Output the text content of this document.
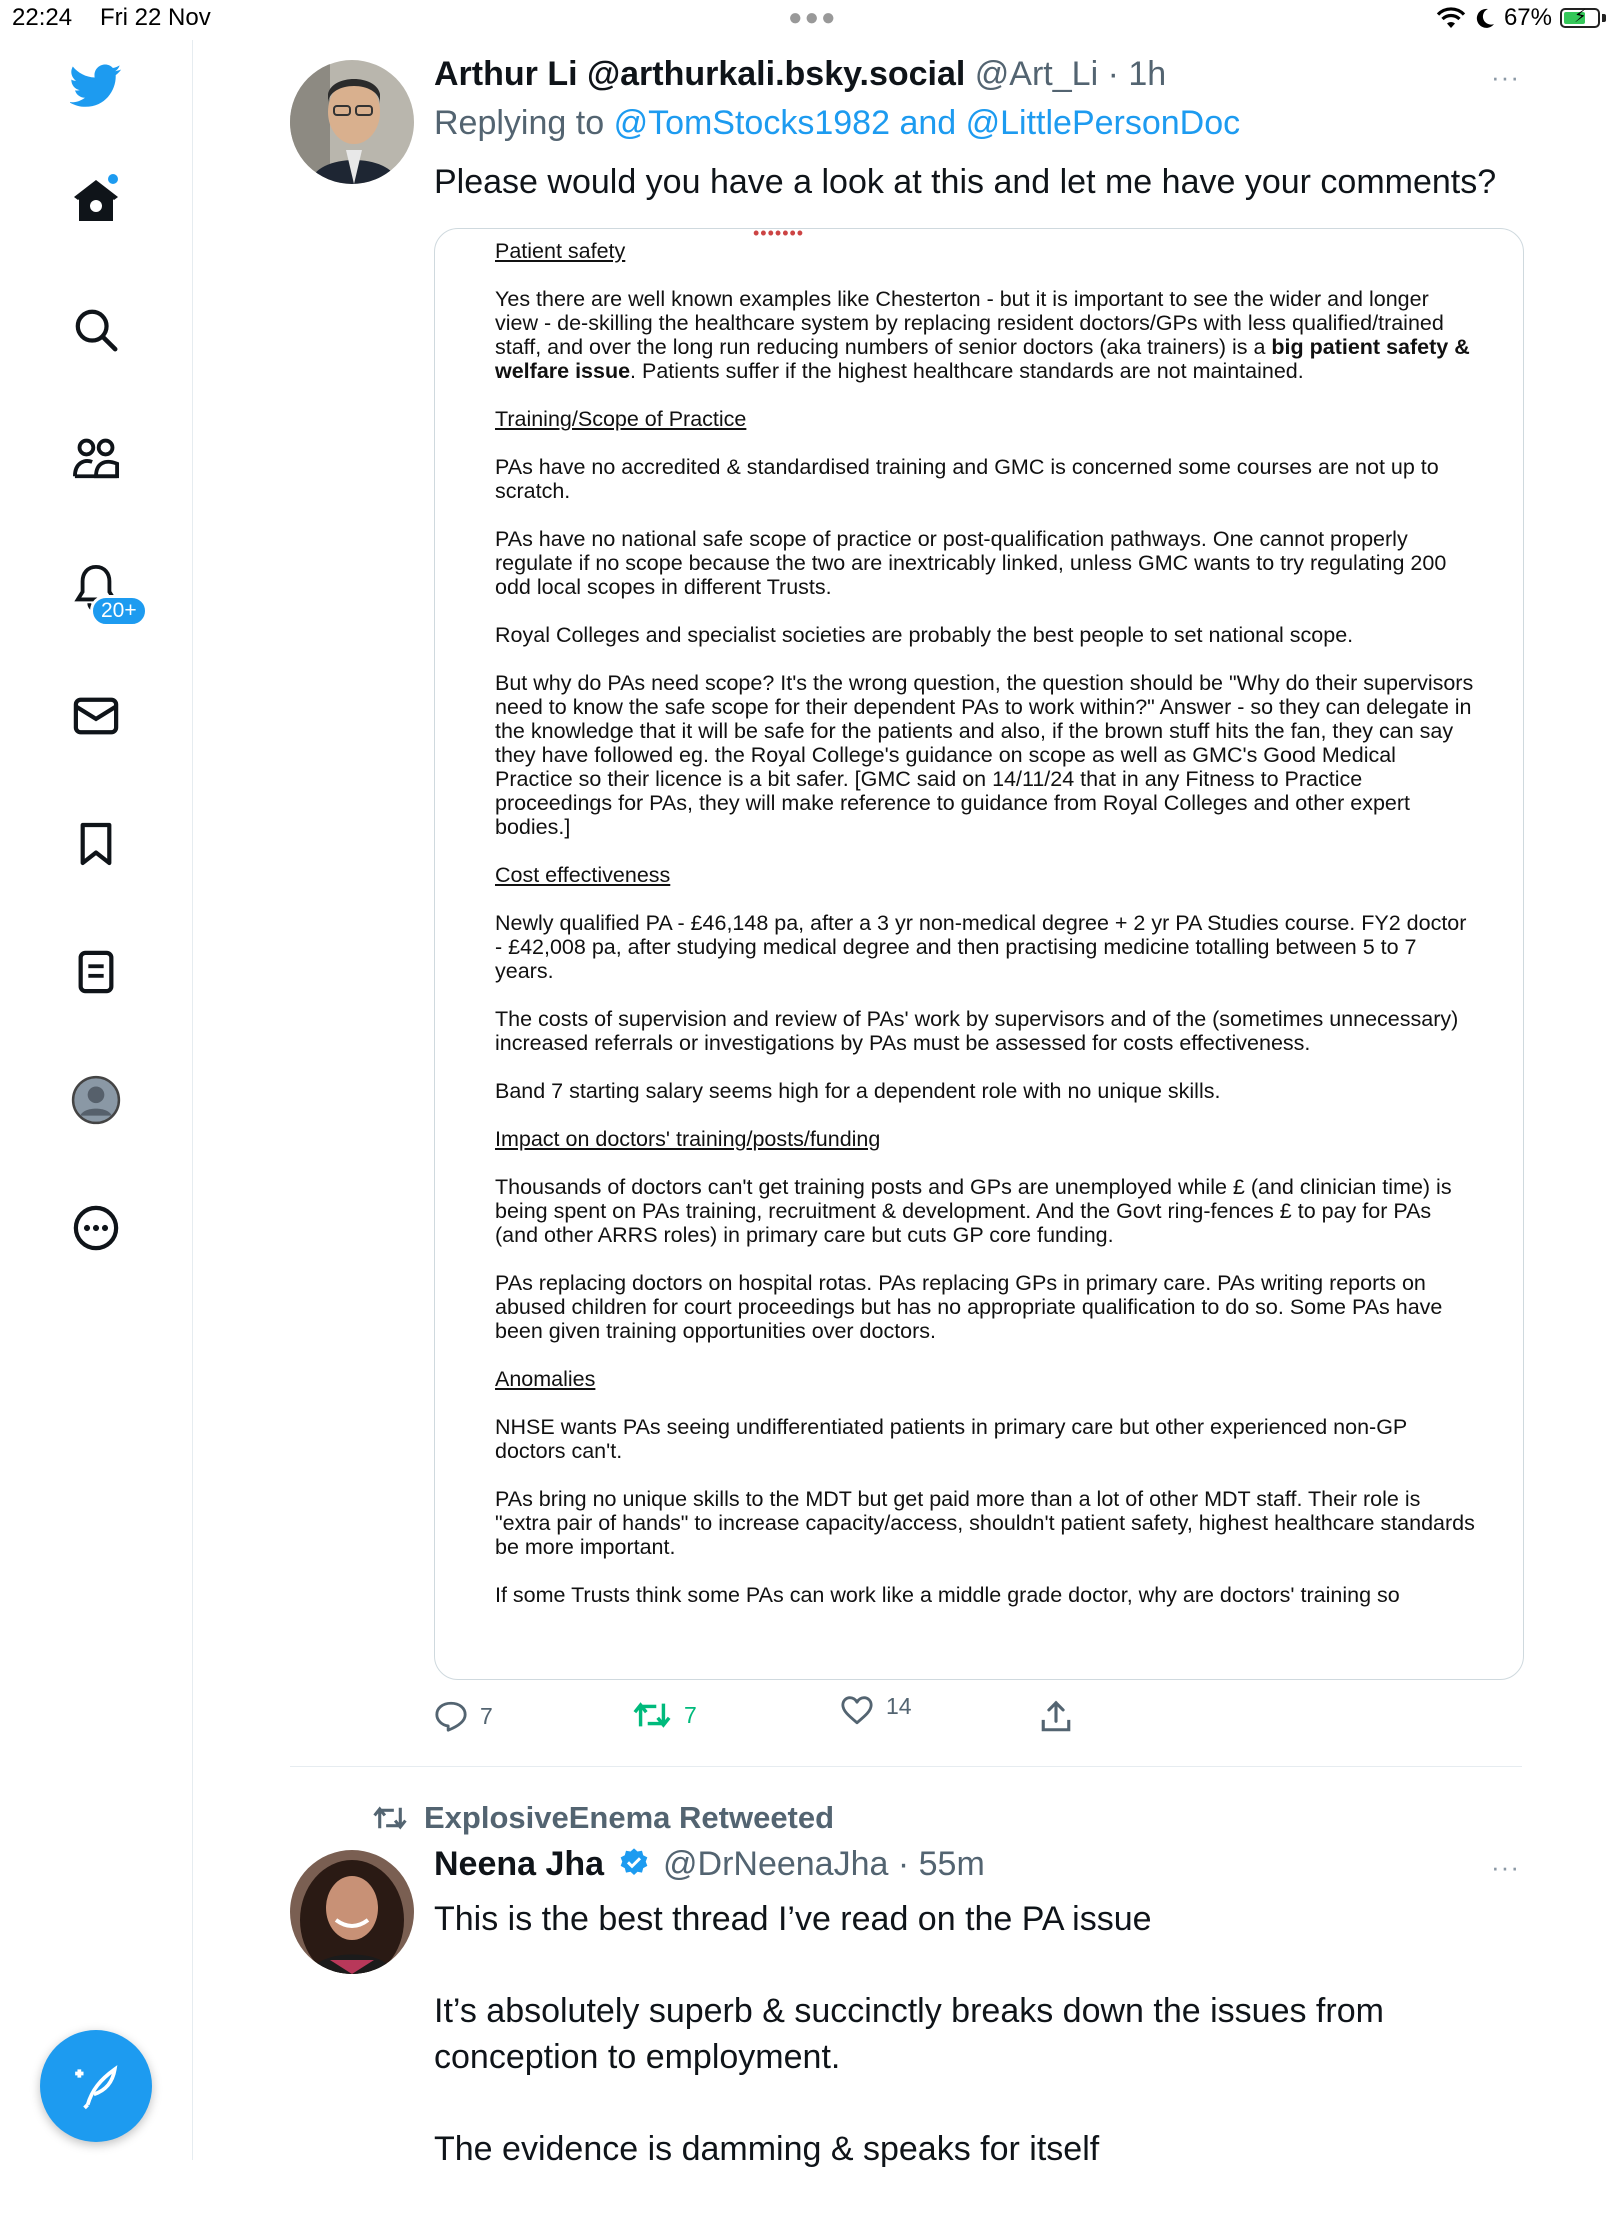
22:24 Fri 22 Nov	●●●	67% ⚡
20+
Arthur Li @arthurkali.bsky.social @Art_Li · 1h	···
Replying to @TomStocks1982 and @LittlePersonDoc
Please would you have a look at this and let me have your comments?
•••••••

Patient safety

Yes there are well known examples like Chesterton - but it is important to see the wider and longer view - de-skilling the healthcare system by replacing resident doctors/GPs with less qualified/trained staff, and over the long run reducing numbers of senior doctors (aka trainers) is a big patient safety & welfare issue. Patients suffer if the highest healthcare standards are not maintained.

Training/Scope of Practice

PAs have no accredited & standardised training and GMC is concerned some courses are not up to scratch.

PAs have no national safe scope of practice or post-qualification pathways. One cannot properly regulate if no scope because the two are inextricably linked, unless GMC wants to try regulating 200 odd local scopes in different Trusts.

Royal Colleges and specialist societies are probably the best people to set national scope.

But why do PAs need scope? It's the wrong question, the question should be "Why do their supervisors need to know the safe scope for their dependent PAs to work within?" Answer - so they can delegate in the knowledge that it will be safe for the patients and also, if the brown stuff hits the fan, they can say they have followed eg. the Royal College's guidance on scope as well as GMC's Good Medical Practice so their licence is a bit safer. [GMC said on 14/11/24 that in any Fitness to Practice proceedings for PAs, they will make reference to guidance from Royal Colleges and other expert bodies.]

Cost effectiveness

Newly qualified PA - £46,148 pa, after a 3 yr non-medical degree + 2 yr PA Studies course. FY2 doctor - £42,008 pa, after studying medical degree and then practising medicine totalling between 5 to 7 years.

The costs of supervision and review of PAs' work by supervisors and of the (sometimes unnecessary) increased referrals or investigations by PAs must be assessed for costs effectiveness.

Band 7 starting salary seems high for a dependent role with no unique skills.

Impact on doctors' training/posts/funding

Thousands of doctors can't get training posts and GPs are unemployed while £ (and clinician time) is being spent on PAs training, recruitment & development. And the Govt ring-fences £ to pay for PAs (and other ARRS roles) in primary care but cuts GP core funding.

PAs replacing doctors on hospital rotas. PAs replacing GPs in primary care. PAs writing reports on abused children for court proceedings but has no appropriate qualification to do so. Some PAs have been given training opportunities over doctors.

Anomalies

NHSE wants PAs seeing undifferentiated patients in primary care but other experienced non-GP doctors can't.

PAs bring no unique skills to the MDT but get paid more than a lot of other MDT staff. Their role is "extra pair of hands" to increase capacity/access, shouldn't patient safety, highest healthcare standards be more important.

If some Trusts think some PAs can work like a middle grade doctor, why are doctors' training so

7	7	14
ExplosiveEnema Retweeted
Neena Jha @DrNeenaJha · 55m	···

This is the best thread I’ve read on the PA issue

It’s absolutely superb & succinctly breaks down the issues from

conception to employment.

The evidence is damming & speaks for itself
